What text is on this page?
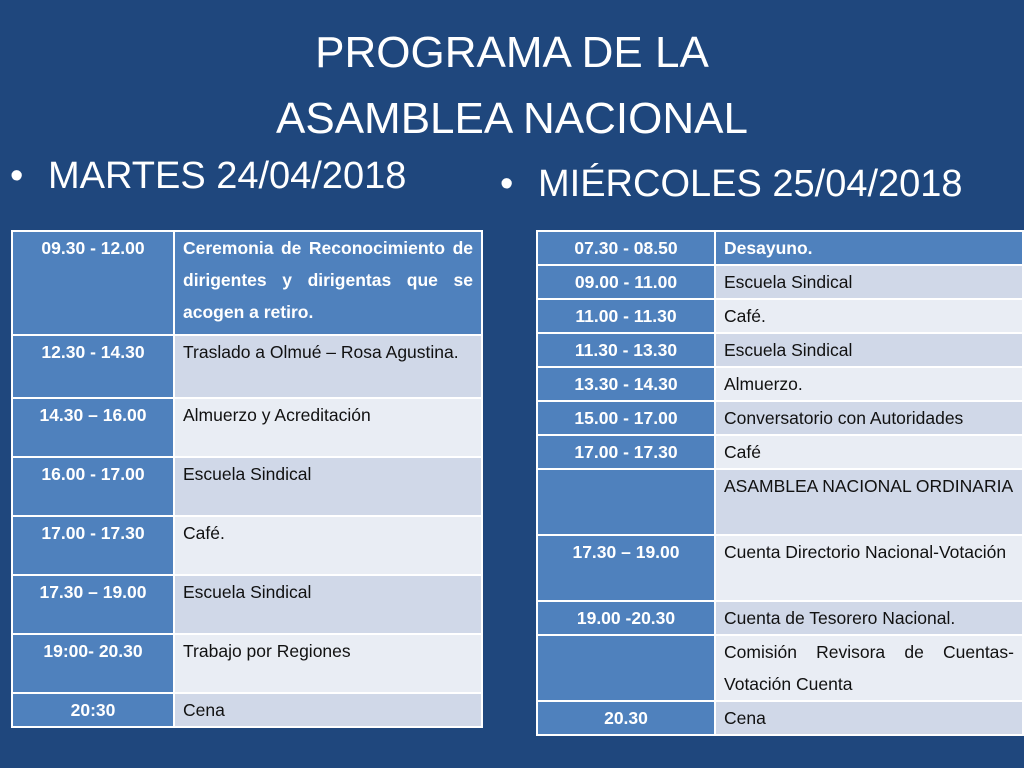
PROGRAMA DE LA
ASAMBLEA NACIONAL
• MARTES 24/04/2018 • MIÉRCOLES 25/04/2018
09.30 - 12.00	Ceremonia de Reconocimiento de dirigentes y dirigentas que se acogen a retiro.
12.30 - 14.30	Traslado a Olmué – Rosa Agustina.
14.30 – 16.00	Almuerzo y Acreditación
16.00 - 17.00	Escuela Sindical
17.00 - 17.30	Café.
17.30 – 19.00	Escuela Sindical
19:00- 20.30	Trabajo por Regiones
20:30	Cena
07.30 - 08.50	Desayuno.
09.00 - 11.00	Escuela Sindical
11.00 - 11.30	Café.
11.30 - 13.30	Escuela Sindical
13.30 - 14.30	Almuerzo.
15.00 - 17.00	Conversatorio con Autoridades
17.00 - 17.30	Café
	ASAMBLEA NACIONAL ORDINARIA
17.30 – 19.00	Cuenta Directorio Nacional-Votación
19.00 -20.30	Cuenta de Tesorero Nacional.
	Comisión Revisora de Cuentas-Votación Cuenta
20.30	Cena
